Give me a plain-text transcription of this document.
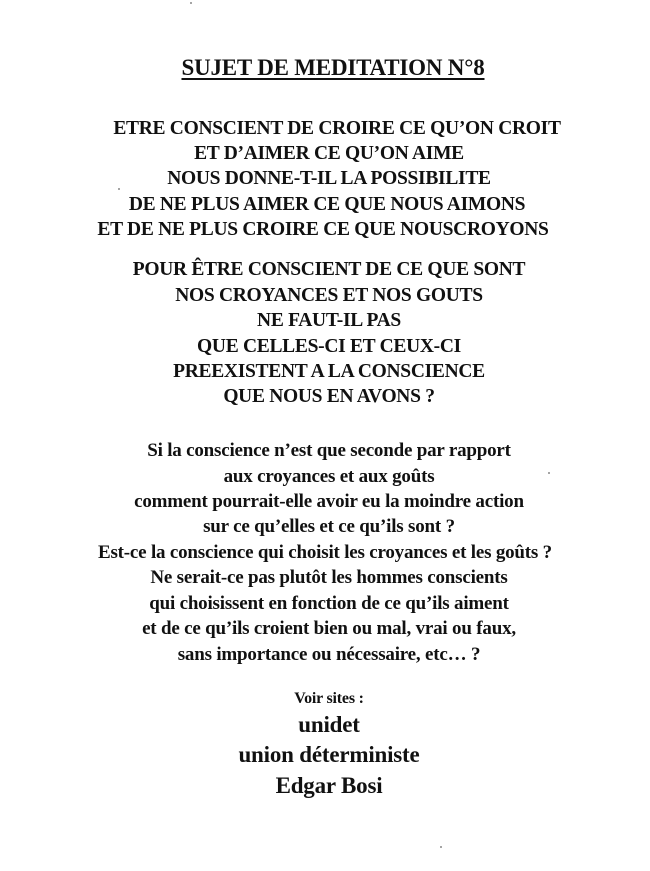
SUJET DE MEDITATION N°8
ETRE CONSCIENT DE CROIRE CE QU’ON CROIT
ET D’AIMER CE QU’ON AIME
NOUS DONNE-T-IL LA POSSIBILITE
DE NE PLUS AIMER CE QUE NOUS AIMONS
ET DE NE PLUS CROIRE CE QUE NOUSCROYONS
POUR ÊTRE CONSCIENT DE CE QUE SONT
NOS CROYANCES ET NOS GOUTS
NE FAUT-IL PAS
QUE CELLES-CI ET CEUX-CI
PREEXISTENT A LA CONSCIENCE
QUE NOUS EN AVONS ?
Si la conscience n’est que seconde par rapport
aux croyances et aux goûts
comment pourrait-elle avoir eu la moindre action
sur ce qu’elles et ce qu’ils sont ?
Est-ce la conscience qui choisit les croyances et les goûts ?
Ne serait-ce pas plutôt les hommes conscients
qui choisissent en fonction de ce qu’ils aiment
et de ce qu’ils croient bien ou mal, vrai ou faux,
sans importance ou nécessaire, etc… ?
Voir sites :
unidet
union déterministe
Edgar Bosi
